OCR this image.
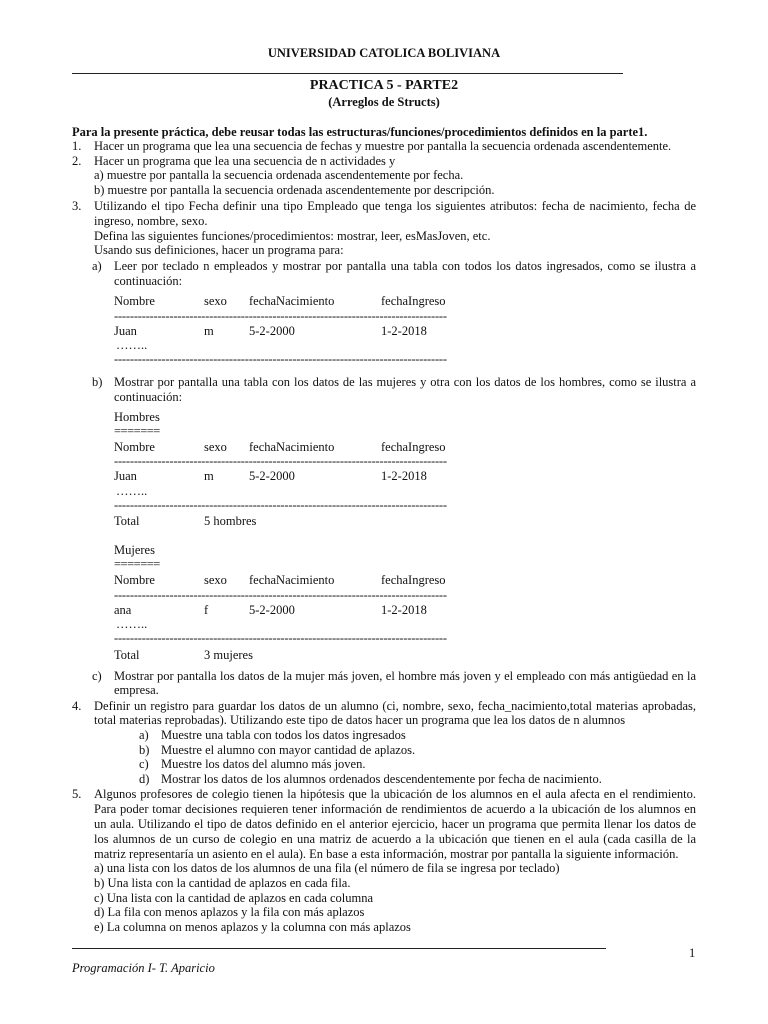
UNIVERSIDAD CATOLICA BOLIVIANA
PRACTICA 5 - PARTE2
(Arreglos de Structs)
Para la presente práctica, debe reusar todas las estructuras/funciones/procedimientos definidos en la parte1.
1. Hacer un programa que lea una secuencia de fechas y muestre por pantalla la secuencia ordenada ascendentemente.
2. Hacer un programa que lea una secuencia de n actividades y
a) muestre por pantalla la secuencia ordenada ascendentemente por fecha.
b) muestre por pantalla la secuencia ordenada ascendentemente por descripción.
3. Utilizando el tipo Fecha definir una tipo Empleado que tenga los siguientes atributos: fecha de nacimiento, fecha de
ingreso, nombre, sexo.
Defina las siguientes funciones/procedimientos: mostrar, leer, esMasJoven, etc.
Usando sus definiciones, hacer un programa para:
a) Leer por teclado n empleados y mostrar por pantalla una tabla con todos los datos ingresados, como se ilustra a
continuación:
Nombre	sexo fechaNacimiento	fechaIngreso
------------------------------------------------------------------------------------
Juan	m	5-2-2000	1-2-2018
……..
------------------------------------------------------------------------------------
b) Mostrar por pantalla una tabla con los datos de las mujeres y otra con los datos de los hombres, como se ilustra a
continuación:
Hombres
=======
Nombre	sexo fechaNacimiento	fechaIngreso
------------------------------------------------------------------------------------
Juan	m	5-2-2000	1-2-2018
……..
------------------------------------------------------------------------------------
Total	5 hombres
Mujeres
=======
Nombre	sexo fechaNacimiento	fechaIngreso
------------------------------------------------------------------------------------
ana	f	5-2-2000	1-2-2018
……..
------------------------------------------------------------------------------------
Total	3 mujeres
c) Mostrar por pantalla los datos de la mujer más joven, el hombre más joven y el empleado con más antigüedad en la
empresa.
4. Definir un registro para guardar los datos de un alumno (ci, nombre, sexo, fecha_nacimiento,total materias aprobadas,
total materias reprobadas). Utilizando este tipo de datos hacer un programa que lea los datos de n alumnos
a) Muestre una tabla con todos los datos ingresados
b) Muestre el alumno con mayor cantidad de aplazos.
c) Muestre los datos del alumno más joven.
d) Mostrar los datos de los alumnos ordenados descendentemente por fecha de nacimiento.
5. Algunos profesores de colegio tienen la hipótesis que la ubicación de los alumnos en el aula afecta en el rendimiento.
Para poder tomar decisiones requieren tener información de rendimientos de acuerdo a la ubicación de los alumnos en
un aula. Utilizando el tipo de datos definido en el anterior ejercicio, hacer un programa que permita llenar los datos de
los alumnos de un curso de colegio en una matriz de acuerdo a la ubicación que tienen en el aula (cada casilla de la
matriz representaría un asiento en el aula). En base a esta información, mostrar por pantalla la siguiente información.
a) una lista con los datos de los alumnos de una fila (el número de fila se ingresa por teclado)
b) Una lista con la cantidad de aplazos en cada fila.
c) Una lista con la cantidad de aplazos en cada columna
d) La fila con menos aplazos y la fila con más aplazos
e) La columna on menos aplazos y la columna con más aplazos
1
Programación I- T. Aparicio
